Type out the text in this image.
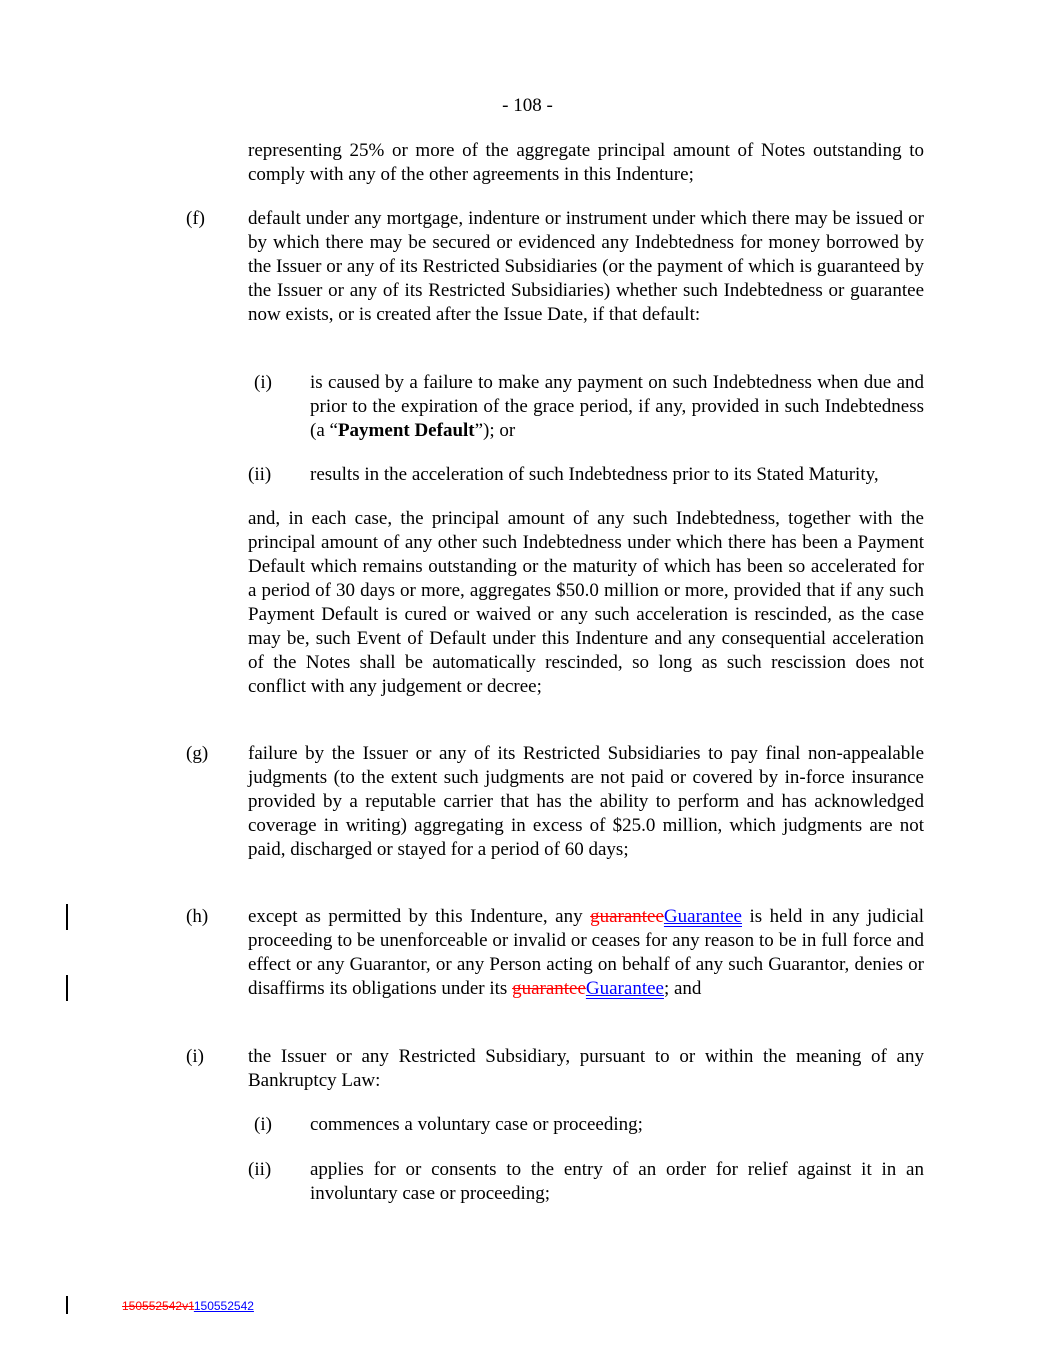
- 108 -
representing 25% or more of the aggregate principal amount of Notes outstanding to comply with any of the other agreements in this Indenture;
(f) default under any mortgage, indenture or instrument under which there may be issued or by which there may be secured or evidenced any Indebtedness for money borrowed by the Issuer or any of its Restricted Subsidiaries (or the payment of which is guaranteed by the Issuer or any of its Restricted Subsidiaries) whether such Indebtedness or guarantee now exists, or is created after the Issue Date, if that default:
(i) is caused by a failure to make any payment on such Indebtedness when due and prior to the expiration of the grace period, if any, provided in such Indebtedness (a “Payment Default”); or
(ii) results in the acceleration of such Indebtedness prior to its Stated Maturity,
and, in each case, the principal amount of any such Indebtedness, together with the principal amount of any other such Indebtedness under which there has been a Payment Default which remains outstanding or the maturity of which has been so accelerated for a period of 30 days or more, aggregates $50.0 million or more, provided that if any such Payment Default is cured or waived or any such acceleration is rescinded, as the case may be, such Event of Default under this Indenture and any consequential acceleration of the Notes shall be automatically rescinded, so long as such rescission does not conflict with any judgement or decree;
(g) failure by the Issuer or any of its Restricted Subsidiaries to pay final non-appealable judgments (to the extent such judgments are not paid or covered by in-force insurance provided by a reputable carrier that has the ability to perform and has acknowledged coverage in writing) aggregating in excess of $25.0 million, which judgments are not paid, discharged or stayed for a period of 60 days;
(h) except as permitted by this Indenture, any guaranteeGuarantee is held in any judicial proceeding to be unenforceable or invalid or ceases for any reason to be in full force and effect or any Guarantor, or any Person acting on behalf of any such Guarantor, denies or disaffirms its obligations under its guaranteeGuarantee; and
(i) the Issuer or any Restricted Subsidiary, pursuant to or within the meaning of any Bankruptcy Law:
(i) commences a voluntary case or proceeding;
(ii) applies for or consents to the entry of an order for relief against it in an involuntary case or proceeding;
150552542v1150552542
